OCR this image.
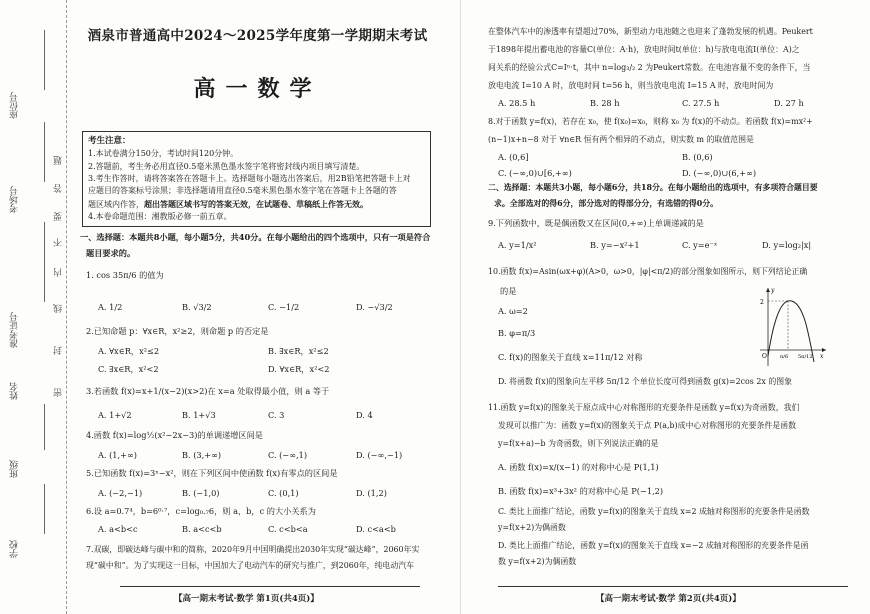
座位号
考场号
准考证号
姓名
班级
学校
密
封
线
内
不
要
答
题
酒泉市普通高中2024～2025学年度第一学期期末考试
高一数学
考生注意：
1.本试卷满分150分，考试时间120分钟。
2.答题前，考生务必用直径0.5毫米黑色墨水签字笔将密封线内项目填写清楚。
3.考生作答时，请将答案答在答题卡上。选择题每小题选出答案后，用2B铅笔把答题卡上对
应题目的答案标号涂黑；非选择题请用直径0.5毫米黑色墨水签字笔在答题卡上各题的答
题区域内作答，超出答题区域书写的答案无效，在试题卷、草稿纸上作答无效。
4.本卷命题范围：湘教版必修一前五章。
一、选择题：本题共8小题，每小题5分，共40分。在每小题给出的四个选项中，只有一项是符合
题目要求的。
1. cos 35π/6 的值为
A. 1/2	B. √3/2	C. −1/2	D. −√3/2
2.已知命题 p：∀x∈R，x²≥2，则命题 p 的否定是
A. ∀x∈R，x²≤2	B. ∃x∈R，x²≤2
C. ∃x∈R，x²<2	D. ∀x∈R，x²<2
3.若函数 f(x)=x+1/(x−2)(x>2)在 x=a 处取得最小值，则 a 等于
A. 1+√2	B. 1+√3	C. 3	D. 4
4.函数 f(x)=log½(x²−2x−3)的单调递增区间是
A. (1,+∞)	B. (3,+∞)	C. (−∞,1)	D. (−∞,−1)
5.已知函数 f(x)=3ˣ−x²，则在下列区间中使函数 f(x)有零点的区间是
A. (−2,−1)	B. (−1,0)	C. (0,1)	D. (1,2)
6.设 a=0.7⁴，b=6⁰·⁷，c=log₀.₇6，则 a，b，c 的大小关系为
A. a<b<c	B. a<c<b	C. c<b<a	D. c<a<b
7.双碳，即碳达峰与碳中和的简称，2020年9月中国明确提出2030年实现“碳达峰”，2060年实
现“碳中和”。为了实现这一目标，中国加大了电动汽车的研究与推广，到2060年，纯电动汽车
【高一期末考试·数学 第1页(共4页)】
在整体汽车中的渗透率有望超过70%，新型动力电池随之也迎来了蓬勃发展的机遇。Peukert
于1898年提出蓄电池的容量C(单位：A·h)，放电时间t(单位：h)与放电电流I(单位：A)之
间关系的经验公式C=Iⁿ·t，其中 n=log₃/₂ 2 为Peukert常数。在电池容量不变的条件下，当
放电电流 I=10 A 时，放电时间 t=56 h，则当放电电流 I=15 A 时，放电时间为
A. 28.5 h	B. 28 h	C. 27.5 h	D. 27 h
8.对于函数 y=f(x)，若存在 x₀，使 f(x₀)=x₀，则称 x₀ 为 f(x)的不动点。若函数 f(x)=mx²+
(n−1)x+n−8 对于 ∀n∈R 恒有两个相异的不动点，则实数 m 的取值范围是
A. (0,6]	B. (0,6)
C. (−∞,0)∪[6,+∞)	D. (−∞,0)∪(6,+∞)
二、选择题：本题共3小题，每小题6分，共18分。在每小题给出的选项中，有多项符合题目要
求。全部选对的得6分，部分选对的得部分分，有选错的得0分。
9.下列函数中，既是偶函数又在区间(0,+∞)上单调递减的是
A. y=1/x²	B. y=−x²+1	C. y=e⁻ˣ	D. y=log₂|x|
10.函数 f(x)=Asin(ωx+φ)(A>0，ω>0，|φ|<π/2)的部分图象如图所示，则下列结论正确
的是
A. ω=2
B. φ=π/3
C. f(x)的图象关于直线 x=11π/12 对称
D. 将函数 f(x)的图象向左平移 5π/12 个单位长度可得到函数 g(x)=2cos 2x 的图象
2
O	π/6 5π/12 x
y
11.函数 y=f(x)的图象关于原点成中心对称图形的充要条件是函数 y=f(x)为奇函数，我们
发现可以推广为：函数 y=f(x)的图象关于点 P(a,b)成中心对称图形的充要条件是函数
y=f(x+a)−b 为奇函数，则下列说法正确的是
A. 函数 f(x)=x/(x−1) 的对称中心是 P(1,1)
B. 函数 f(x)=x³+3x² 的对称中心是 P(−1,2)
C. 类比上面推广结论，函数 y=f(x)的图象关于直线 x=2 成轴对称图形的充要条件是函数
y=f(x+2)为偶函数
D. 类比上面推广结论，函数 y=f(x)的图象关于直线 x=−2 成轴对称图形的充要条件是函
数 y=f(x+2)为偶函数
【高一期末考试·数学 第2页(共4页)】
